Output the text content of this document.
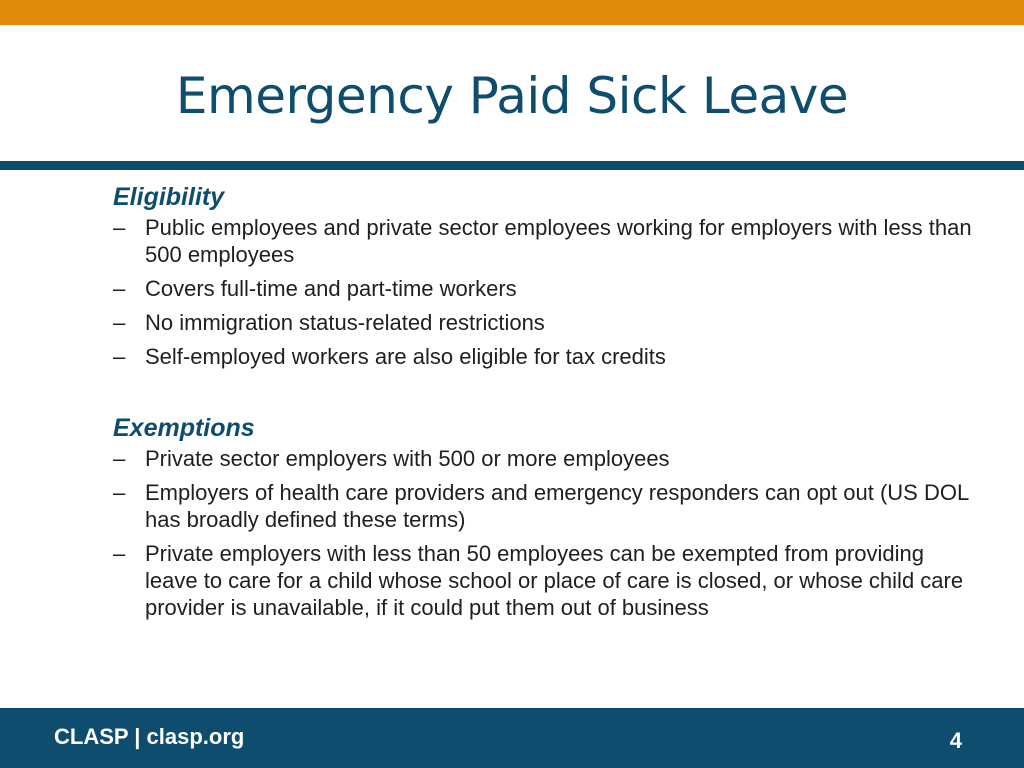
Emergency Paid Sick Leave

Eligibility

– Public employees and private sector employees working for employers with less than 500 employees
– Covers full-time and part-time workers
– No immigration status-related restrictions
– Self-employed workers are also eligible for tax credits

Exemptions

– Private sector employers with 500 or more employees
– Employers of health care providers and emergency responders can opt out (US DOL has broadly defined these terms)
– Private employers with less than 50 employees can be exempted from providing leave to care for a child whose school or place of care is closed, or whose child care provider is unavailable, if it could put them out of business
CLASP | clasp.org	4
